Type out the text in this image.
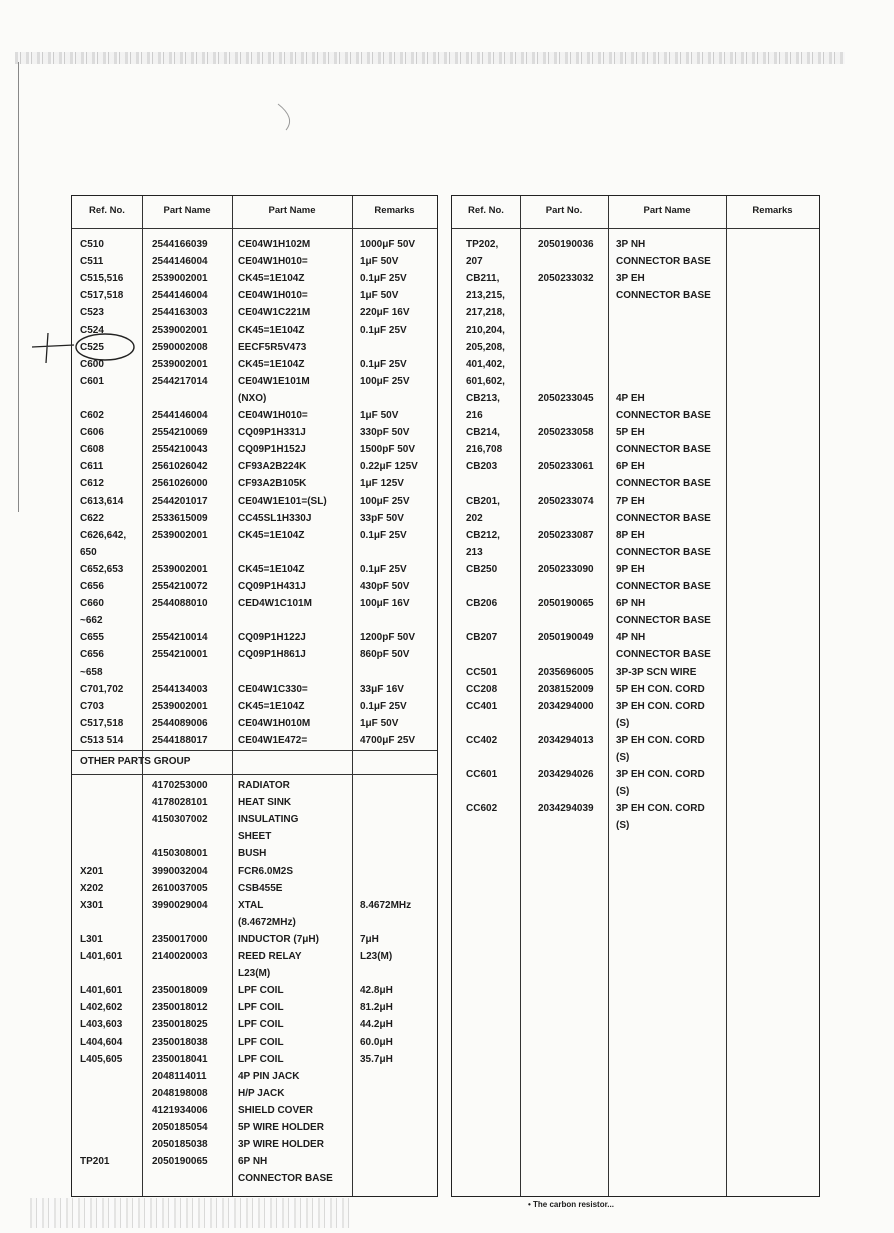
Ref. No.	Part Name	Part Name	Remarks
C510	2544166039	CE04W1H102M	1000μF 50V
C511	2544146004	CE04W1H010=	1μF 50V
C515,516	2539002001	CK45=1E104Z	0.1μF 25V
C517,518	2544146004	CE04W1H010=	1μF 50V
C523	2544163003	CE04W1C221M	220μF 16V
C524	2539002001	CK45=1E104Z	0.1μF 25V
C525	2590002008	EECF5R5V473
C600	2539002001	CK45=1E104Z	0.1μF 25V
C601	2544217014	CE04W1E101M	100μF 25V
(NXO)
C602	2544146004	CE04W1H010=	1μF 50V
C606	2554210069	CQ09P1H331J	330pF 50V
C608	2554210043	CQ09P1H152J	1500pF 50V
C611	2561026042	CF93A2B224K	0.22μF 125V
C612	2561026000	CF93A2B105K	1μF 125V
C613,614	2544201017	CE04W1E101=(SL)	100μF 25V
C622	2533615009	CC45SL1H330J	33pF 50V
C626,642,	2539002001	CK45=1E104Z	0.1μF 25V
650
C652,653	2539002001	CK45=1E104Z	0.1μF 25V
C656	2554210072	CQ09P1H431J	430pF 50V
C660	2544088010	CED4W1C101M	100μF 16V
~662
C655	2554210014	CQ09P1H122J	1200pF 50V
C656	2554210001	CQ09P1H861J	860pF 50V
~658
C701,702	2544134003	CE04W1C330=	33μF 16V
C703	2539002001	CK45=1E104Z	0.1μF 25V
C517,518	2544089006	CE04W1H010M	1μF 50V
C513 514	2544188017	CE04W1E472=	4700μF 25V
OTHER PARTS GROUP
4170253000	RADIATOR
4178028101	HEAT SINK
4150307002	INSULATING
SHEET
4150308001	BUSH
X201	3990032004	FCR6.0M2S
X202	2610037005	CSB455E
X301	3990029004	XTAL	8.4672MHz
(8.4672MHz)
L301	2350017000	INDUCTOR (7μH)	7μH
L401,601	2140020003	REED RELAY	L23(M)
L23(M)
L401,601	2350018009	LPF COIL	42.8μH
L402,602	2350018012	LPF COIL	81.2μH
L403,603	2350018025	LPF COIL	44.2μH
L404,604	2350018038	LPF COIL	60.0μH
L405,605	2350018041	LPF COIL	35.7μH
2048114011	4P PIN JACK
2048198008	H/P JACK
4121934006	SHIELD COVER
2050185054	5P WIRE HOLDER
2050185038	3P WIRE HOLDER
TP201	2050190065	6P NH
CONNECTOR BASE
Ref. No.	Part No.	Part Name	Remarks
TP202,	2050190036 3P NH
207	CONNECTOR BASE
CB211,	2050233032 3P EH
213,215,	CONNECTOR BASE
217,218,
210,204,
205,208,
401,402,
601,602,
CB213,	2050233045 4P EH
216	CONNECTOR BASE
CB214,	2050233058 5P EH
216,708	CONNECTOR BASE
CB203	2050233061 6P EH
CONNECTOR BASE
CB201,	2050233074 7P EH
202	CONNECTOR BASE
CB212,	2050233087 8P EH
213	CONNECTOR BASE
CB250	2050233090 9P EH
CONNECTOR BASE
CB206	2050190065 6P NH
CONNECTOR BASE
CB207	2050190049 4P NH
CONNECTOR BASE
CC501	2035696005 3P-3P SCN WIRE
CC208	2038152009 5P EH CON. CORD
CC401	2034294000 3P EH CON. CORD
(S)
CC402	2034294013 3P EH CON. CORD
(S)
CC601	2034294026 3P EH CON. CORD
(S)
CC602	2034294039 3P EH CON. CORD
(S)
• The carbon resistor...
